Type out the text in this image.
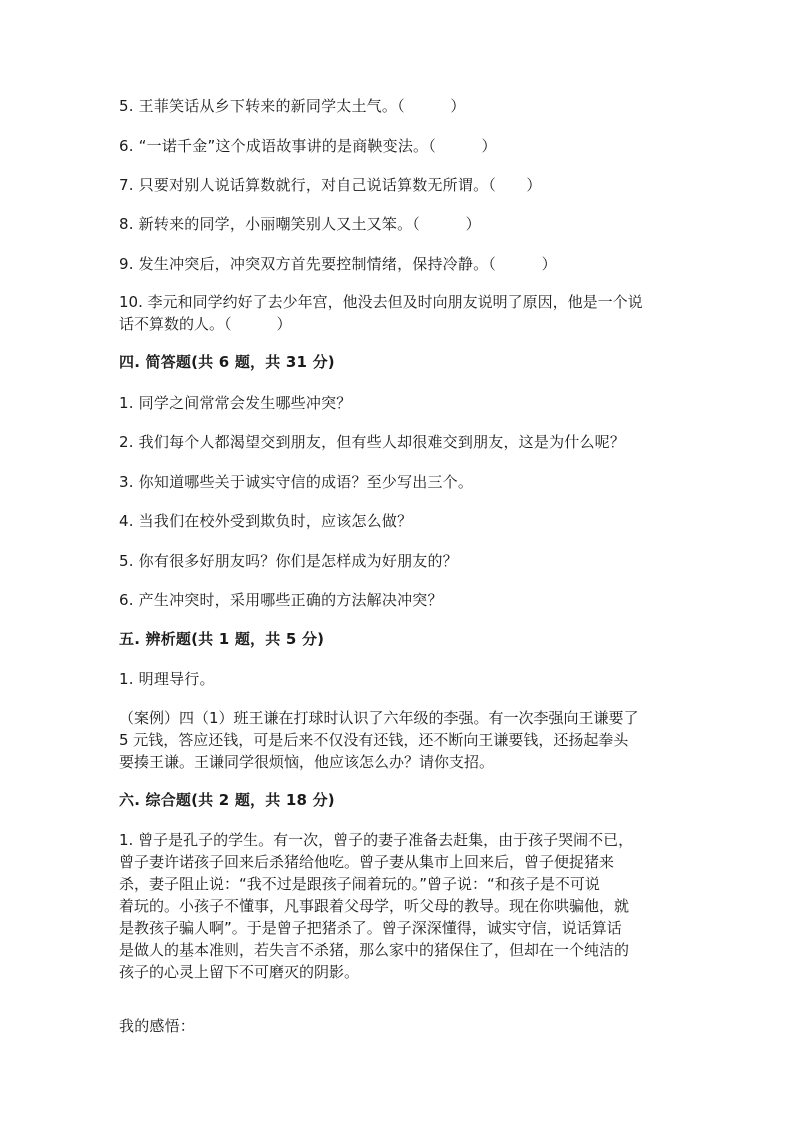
5. 王菲笑话从乡下转来的新同学太土气。（　　　）
6. “一诺千金”这个成语故事讲的是商鞅变法。（　　　）
7. 只要对别人说话算数就行，对自己说话算数无所谓。（　　）
8. 新转来的同学，小丽嘲笑别人又土又笨。（　　　）
9. 发生冲突后，冲突双方首先要控制情绪，保持冷静。（　　　）
10. 李元和同学约好了去少年宫，他没去但及时向朋友说明了原因，他是一个说
话不算数的人。（　　　）
四. 简答题(共 6 题，共 31 分)
1. 同学之间常常会发生哪些冲突？
2. 我们每个人都渴望交到朋友，但有些人却很难交到朋友，这是为什么呢？
3. 你知道哪些关于诚实守信的成语？至少写出三个。
4. 当我们在校外受到欺负时，应该怎么做？
5. 你有很多好朋友吗？你们是怎样成为好朋友的？
6. 产生冲突时，采用哪些正确的方法解决冲突？
五. 辨析题(共 1 题，共 5 分)
1. 明理导行。
（案例）四（1）班王谦在打球时认识了六年级的李强。有一次李强向王谦要了
5 元钱，答应还钱，可是后来不仅没有还钱，还不断向王谦要钱，还扬起拳头
要揍王谦。王谦同学很烦恼，他应该怎么办？请你支招。
六. 综合题(共 2 题，共 18 分)
1. 曾子是孔子的学生。有一次，曾子的妻子准备去赶集，由于孩子哭闹不已，
曾子妻许诺孩子回来后杀猪给他吃。曾子妻从集市上回来后，曾子便捉猪来
杀，妻子阻止说：“我不过是跟孩子闹着玩的。”曾子说：“和孩子是不可说
着玩的。小孩子不懂事，凡事跟着父母学，听父母的教导。现在你哄骗他，就
是教孩子骗人啊”。于是曾子把猪杀了。曾子深深懂得，诚实守信，说话算话
是做人的基本准则，若失言不杀猪，那么家中的猪保住了，但却在一个纯洁的
孩子的心灵上留下不可磨灭的阴影。
我的感悟：
